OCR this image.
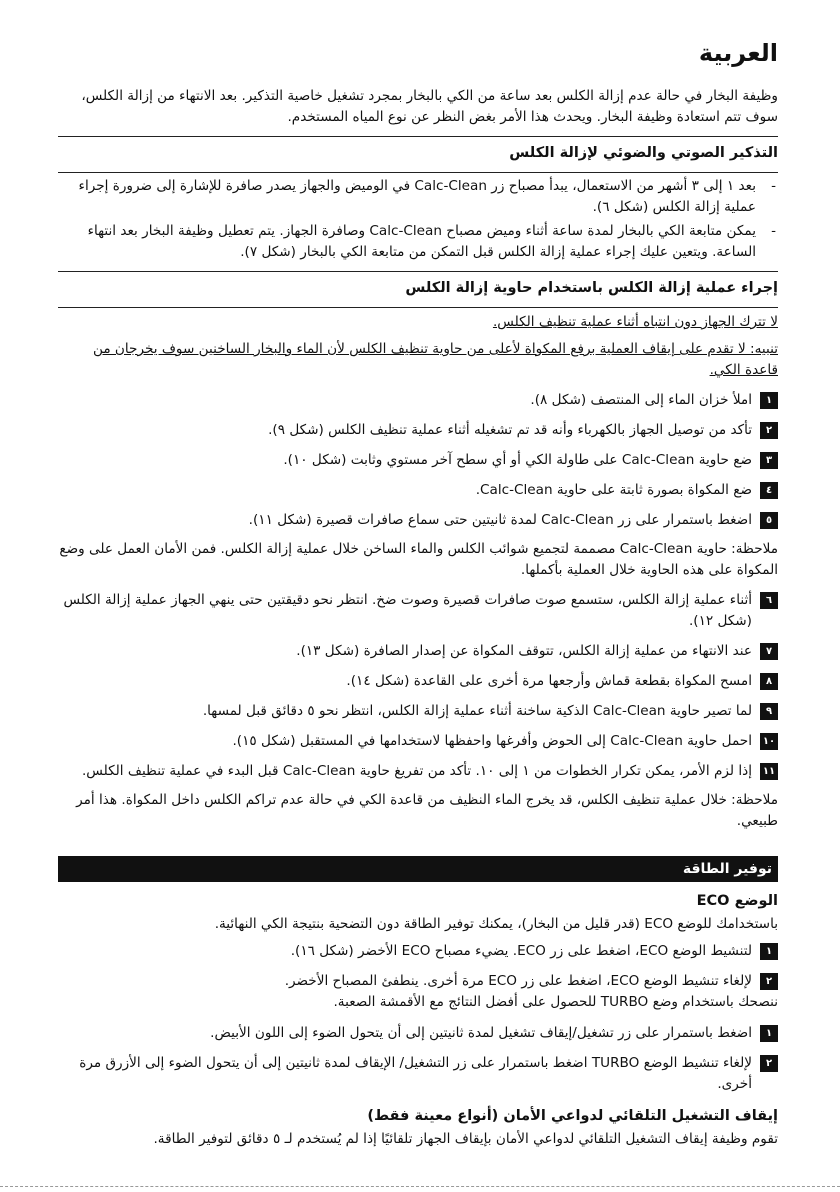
العربية

وظيفة البخار في حالة عدم إزالة الكلس بعد ساعة من الكي بالبخار بمجرد تشغيل خاصية التذكير. بعد الانتهاء من إزالة الكلس، سوف تتم استعادة وظيفة البخار. ويحدث هذا الأمر بغض النظر عن نوع المياه المستخدم.

التذكير الصوتي والضوئي لإزالة الكلس
-
بعد ١ إلى ٣ أشهر من الاستعمال، يبدأ مصباح زر Calc-Clean في الوميض والجهاز يصدر صافرة للإشارة إلى ضرورة إجراء عملية إزالة الكلس (شكل ٦).
-
يمكن متابعة الكي بالبخار لمدة ساعة أثناء وميض مصباح Calc-Clean وصافرة الجهاز. يتم تعطيل وظيفة البخار بعد انتهاء الساعة. ويتعين عليك إجراء عملية إزالة الكلس قبل التمكن من متابعة الكي بالبخار (شكل ٧).
إجراء عملية إزالة الكلس باستخدام حاوية إزالة الكلس

لا تترك الجهاز دون انتباه أثناء عملية تنظيف الكلس.

تنبيه: لا تقدم على إيقاف العملية برفع المكواة لأعلى من حاوية تنظيف الكلس لأن الماء والبخار الساخنين سوف يخرجان من قاعدة الكي.

١
املأ خزان الماء إلى المنتصف (شكل ٨).
٢
تأكد من توصيل الجهاز بالكهرباء وأنه قد تم تشغيله أثناء عملية تنظيف الكلس (شكل ٩).
٣
ضع حاوية Calc-Clean على طاولة الكي أو أي سطح آخر مستوي وثابت (شكل ١٠).
٤
ضع المكواة بصورة ثابتة على حاوية Calc-Clean.
٥
اضغط باستمرار على زر Calc-Clean لمدة ثانيتين حتى سماع صافرات قصيرة (شكل ١١).

ملاحظة: حاوية Calc-Clean مصممة لتجميع شوائب الكلس والماء الساخن خلال عملية إزالة الكلس. فمن الأمان العمل على وضع المكواة على هذه الحاوية خلال العملية بأكملها.

٦
أثناء عملية إزالة الكلس، ستسمع صوت صافرات قصيرة وصوت ضخ. انتظر نحو دقيقتين حتى ينهي الجهاز عملية إزالة الكلس (شكل ١٢).
٧
عند الانتهاء من عملية إزالة الكلس، تتوقف المكواة عن إصدار الصافرة (شكل ١٣).
٨
امسح المكواة بقطعة قماش وأرجعها مرة أخرى على القاعدة (شكل ١٤).
٩
لما تصير حاوية Calc-Clean الذكية ساخنة أثناء عملية إزالة الكلس، انتظر نحو ٥ دقائق قبل لمسها.
١٠
احمل حاوية Calc-Clean إلى الحوض وأفرغها واحفظها لاستخدامها في المستقبل (شكل ١٥).
١١
إذا لزم الأمر، يمكن تكرار الخطوات من ١ إلى ١٠. تأكد من تفريغ حاوية Calc-Clean قبل البدء في عملية تنظيف الكلس.

ملاحظة: خلال عملية تنظيف الكلس، قد يخرج الماء النظيف من قاعدة الكي في حالة عدم تراكم الكلس داخل المكواة. هذا أمر طبيعي.

توفير الطاقة
الوضع ECO

باستخدامك للوضع ECO (قدر قليل من البخار)، يمكنك توفير الطاقة دون التضحية بنتيجة الكي النهائية.

١
لتنشيط الوضع ECO، اضغط على زر ECO. يضيء مصباح ECO الأخضر (شكل ١٦).
٢
لإلغاء تنشيط الوضع ECO، اضغط على زر ECO مرة أخرى. ينطفئ المصباح الأخضر.

ننصحك باستخدام وضع TURBO للحصول على أفضل النتائج مع الأقمشة الصعبة.

١
اضغط باستمرار على زر تشغيل/إيقاف تشغيل لمدة ثانيتين إلى أن يتحول الضوء إلى اللون الأبيض.
٢
لإلغاء تنشيط الوضع TURBO اضغط باستمرار على زر التشغيل/ الإيقاف لمدة ثانيتين إلى أن يتحول الضوء إلى الأزرق مرة أخرى.
إيقاف التشغيل التلقائي لدواعي الأمان (أنواع معينة فقط)

تقوم وظيفة إيقاف التشغيل التلقائي لدواعي الأمان بإيقاف الجهاز تلقائيًا إذا لم يُستخدم لـ ٥ دقائق لتوفير الطاقة.
